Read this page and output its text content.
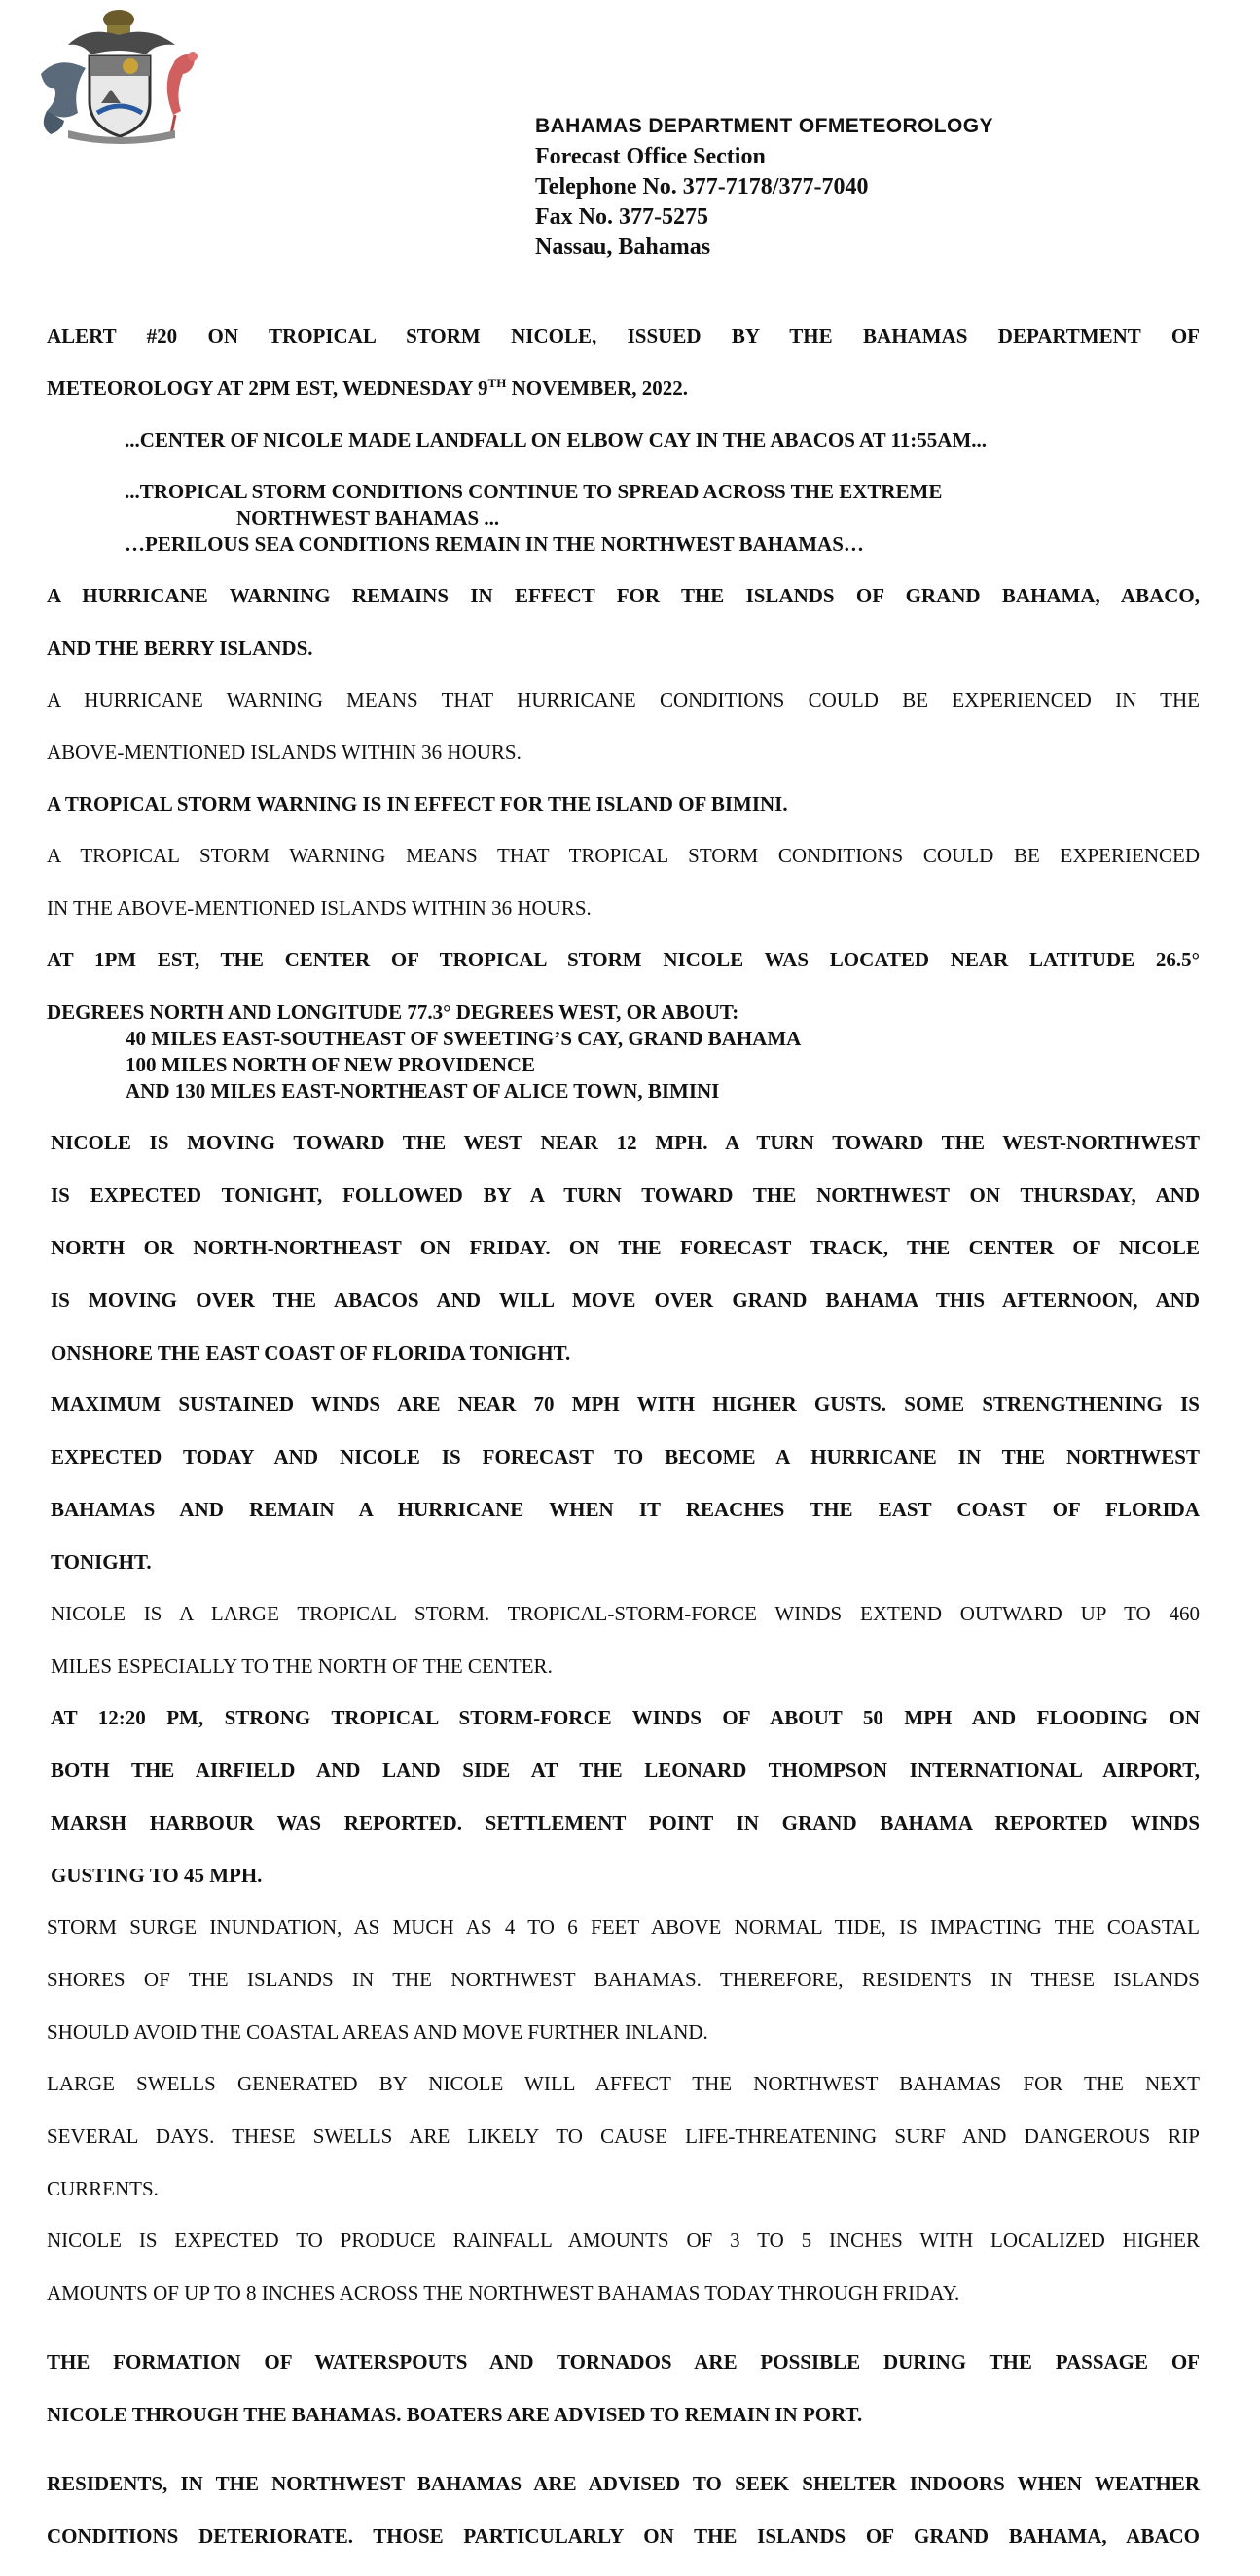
BAHAMAS DEPARTMENT OFMETEOROLOGY
Forecast Office Section
Telephone No. 377-7178/377-7040
Fax No. 377-5275
Nassau, Bahamas

ALERT #20 ON TROPICAL STORM NICOLE, ISSUED BY THE BAHAMAS DEPARTMENT OF

METEOROLOGY AT 2PM EST, WEDNESDAY 9TH NOVEMBER, 2022.

...CENTER OF NICOLE MADE LANDFALL ON ELBOW CAY IN THE ABACOS AT 11:55AM...

...TROPICAL STORM CONDITIONS CONTINUE TO SPREAD ACROSS THE EXTREME

NORTHWEST BAHAMAS ...

…PERILOUS SEA CONDITIONS REMAIN IN THE NORTHWEST BAHAMAS…

A HURRICANE WARNING REMAINS IN EFFECT FOR THE ISLANDS OF GRAND BAHAMA, ABACO,

AND THE BERRY ISLANDS.

A HURRICANE WARNING MEANS THAT HURRICANE CONDITIONS COULD BE EXPERIENCED IN THE

ABOVE-MENTIONED ISLANDS WITHIN 36 HOURS.

A TROPICAL STORM WARNING IS IN EFFECT FOR THE ISLAND OF BIMINI.

A TROPICAL STORM WARNING MEANS THAT TROPICAL STORM CONDITIONS COULD BE EXPERIENCED

IN THE ABOVE-MENTIONED ISLANDS WITHIN 36 HOURS.

AT 1PM EST, THE CENTER OF TROPICAL STORM NICOLE WAS LOCATED NEAR LATITUDE 26.5°

DEGREES NORTH AND LONGITUDE 77.3° DEGREES WEST, OR ABOUT:

40 MILES EAST-SOUTHEAST OF SWEETING’S CAY, GRAND BAHAMA

100 MILES NORTH OF NEW PROVIDENCE

AND 130 MILES EAST-NORTHEAST OF ALICE TOWN, BIMINI

NICOLE IS MOVING TOWARD THE WEST NEAR 12 MPH. A TURN TOWARD THE WEST-NORTHWEST

IS EXPECTED TONIGHT, FOLLOWED BY A TURN TOWARD THE NORTHWEST ON THURSDAY, AND

NORTH OR NORTH-NORTHEAST ON FRIDAY. ON THE FORECAST TRACK, THE CENTER OF NICOLE

IS MOVING OVER THE ABACOS AND WILL MOVE OVER GRAND BAHAMA THIS AFTERNOON, AND

ONSHORE THE EAST COAST OF FLORIDA TONIGHT.

MAXIMUM SUSTAINED WINDS ARE NEAR 70 MPH WITH HIGHER GUSTS. SOME STRENGTHENING IS

EXPECTED TODAY AND NICOLE IS FORECAST TO BECOME A HURRICANE IN THE NORTHWEST

BAHAMAS AND REMAIN A HURRICANE WHEN IT REACHES THE EAST COAST OF FLORIDA

TONIGHT.

NICOLE IS A LARGE TROPICAL STORM. TROPICAL-STORM-FORCE WINDS EXTEND OUTWARD UP TO 460

MILES ESPECIALLY TO THE NORTH OF THE CENTER.

AT 12:20 PM, STRONG TROPICAL STORM-FORCE WINDS OF ABOUT 50 MPH AND FLOODING ON

BOTH THE AIRFIELD AND LAND SIDE AT THE LEONARD THOMPSON INTERNATIONAL AIRPORT,

MARSH HARBOUR WAS REPORTED. SETTLEMENT POINT IN GRAND BAHAMA REPORTED WINDS

GUSTING TO 45 MPH.

STORM SURGE INUNDATION, AS MUCH AS 4 TO 6 FEET ABOVE NORMAL TIDE, IS IMPACTING THE COASTAL

SHORES OF THE ISLANDS IN THE NORTHWEST BAHAMAS. THEREFORE, RESIDENTS IN THESE ISLANDS

SHOULD AVOID THE COASTAL AREAS AND MOVE FURTHER INLAND.

LARGE SWELLS GENERATED BY NICOLE WILL AFFECT THE NORTHWEST BAHAMAS FOR THE NEXT

SEVERAL DAYS. THESE SWELLS ARE LIKELY TO CAUSE LIFE-THREATENING SURF AND DANGEROUS RIP

CURRENTS.

NICOLE IS EXPECTED TO PRODUCE RAINFALL AMOUNTS OF 3 TO 5 INCHES WITH LOCALIZED HIGHER

AMOUNTS OF UP TO 8 INCHES ACROSS THE NORTHWEST BAHAMAS TODAY THROUGH FRIDAY.

THE FORMATION OF WATERSPOUTS AND TORNADOS ARE POSSIBLE DURING THE PASSAGE OF

NICOLE THROUGH THE BAHAMAS. BOATERS ARE ADVISED TO REMAIN IN PORT.

RESIDENTS, IN THE NORTHWEST BAHAMAS ARE ADVISED TO SEEK SHELTER INDOORS WHEN WEATHER

CONDITIONS DETERIORATE. THOSE PARTICULARLY ON THE ISLANDS OF GRAND BAHAMA, ABACO
